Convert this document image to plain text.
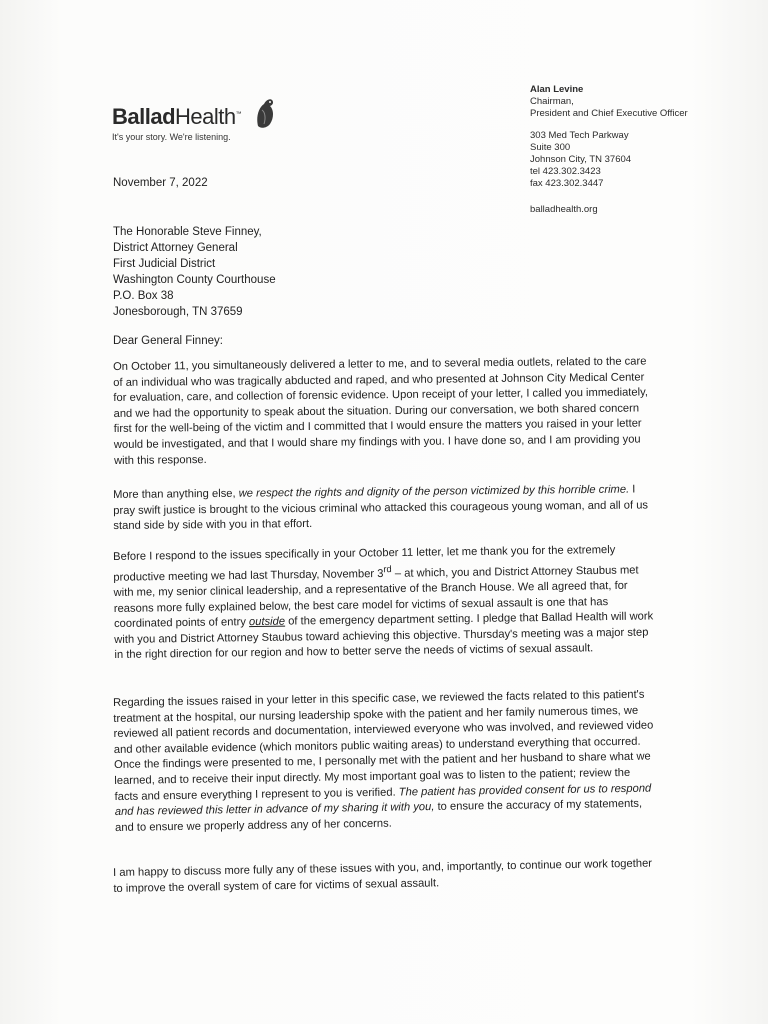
BalladHealth™
It's your story. We're listening.
Alan Levine
Chairman,
President and Chief Executive Officer
303 Med Tech Parkway
Suite 300
Johnson City, TN 37604
tel 423.302.3423
fax 423.302.3447
balladhealth.org
November 7, 2022
The Honorable Steve Finney,
District Attorney General
First Judicial District
Washington County Courthouse
P.O. Box 38
Jonesborough, TN 37659
Dear General Finney:
On October 11, you simultaneously delivered a letter to me, and to several media outlets, related to the care of an individual who was tragically abducted and raped, and who presented at Johnson City Medical Center for evaluation, care, and collection of forensic evidence. Upon receipt of your letter, I called you immediately, and we had the opportunity to speak about the situation. During our conversation, we both shared concern first for the well-being of the victim and I committed that I would ensure the matters you raised in your letter would be investigated, and that I would share my findings with you. I have done so, and I am providing you with this response.
More than anything else, we respect the rights and dignity of the person victimized by this horrible crime. I pray swift justice is brought to the vicious criminal who attacked this courageous young woman, and all of us stand side by side with you in that effort.
Before I respond to the issues specifically in your October 11 letter, let me thank you for the extremely productive meeting we had last Thursday, November 3rd – at which, you and District Attorney Staubus met with me, my senior clinical leadership, and a representative of the Branch House. We all agreed that, for reasons more fully explained below, the best care model for victims of sexual assault is one that has coordinated points of entry outside of the emergency department setting. I pledge that Ballad Health will work with you and District Attorney Staubus toward achieving this objective. Thursday's meeting was a major step in the right direction for our region and how to better serve the needs of victims of sexual assault.
Regarding the issues raised in your letter in this specific case, we reviewed the facts related to this patient's treatment at the hospital, our nursing leadership spoke with the patient and her family numerous times, we reviewed all patient records and documentation, interviewed everyone who was involved, and reviewed video and other available evidence (which monitors public waiting areas) to understand everything that occurred. Once the findings were presented to me, I personally met with the patient and her husband to share what we learned, and to receive their input directly. My most important goal was to listen to the patient; review the facts and ensure everything I represent to you is verified. The patient has provided consent for us to respond and has reviewed this letter in advance of my sharing it with you, to ensure the accuracy of my statements, and to ensure we properly address any of her concerns.
I am happy to discuss more fully any of these issues with you, and, importantly, to continue our work together to improve the overall system of care for victims of sexual assault.
